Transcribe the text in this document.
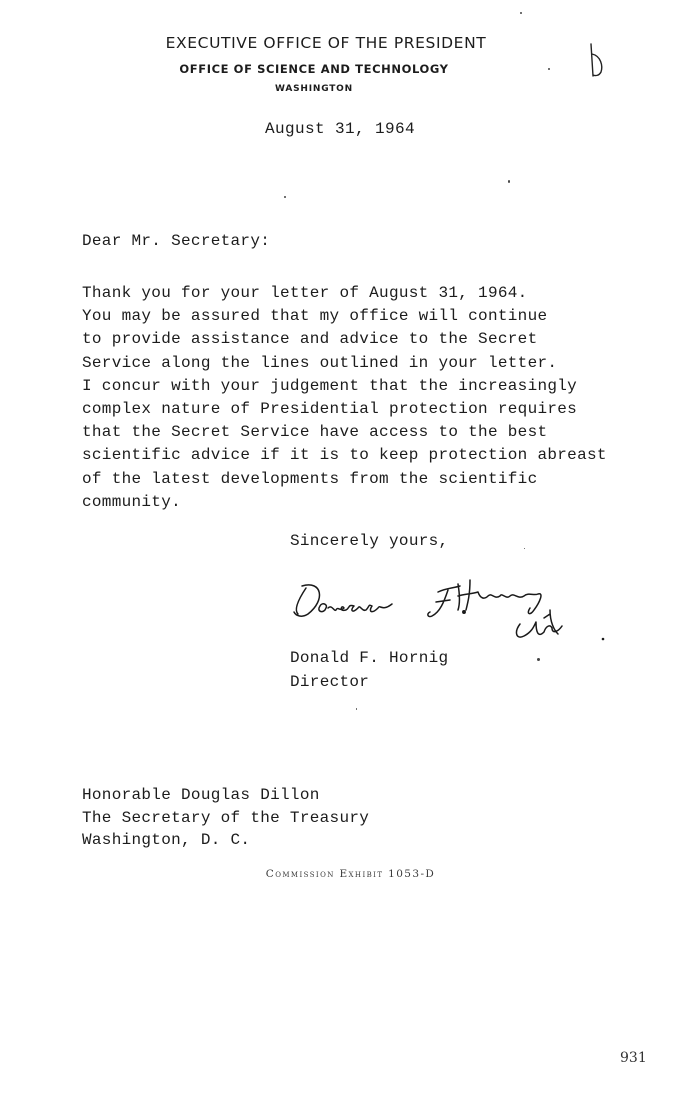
EXECUTIVE OFFICE OF THE PRESIDENT
OFFICE OF SCIENCE AND TECHNOLOGY
WASHINGTON
August 31, 1964
Dear Mr. Secretary:
Thank you for your letter of August 31, 1964.
You may be assured that my office will continue
to provide assistance and advice to the Secret
Service along the lines outlined in your letter.
I concur with your judgement that the increasingly
complex nature of Presidential protection requires
that the Secret Service have access to the best
scientific advice if it is to keep protection abreast
of the latest developments from the scientific
community.
Sincerely yours,
Donald F. Hornig
Director
Honorable Douglas Dillon
The Secretary of the Treasury
Washington, D. C.
Commission Exhibit 1053-D
931
